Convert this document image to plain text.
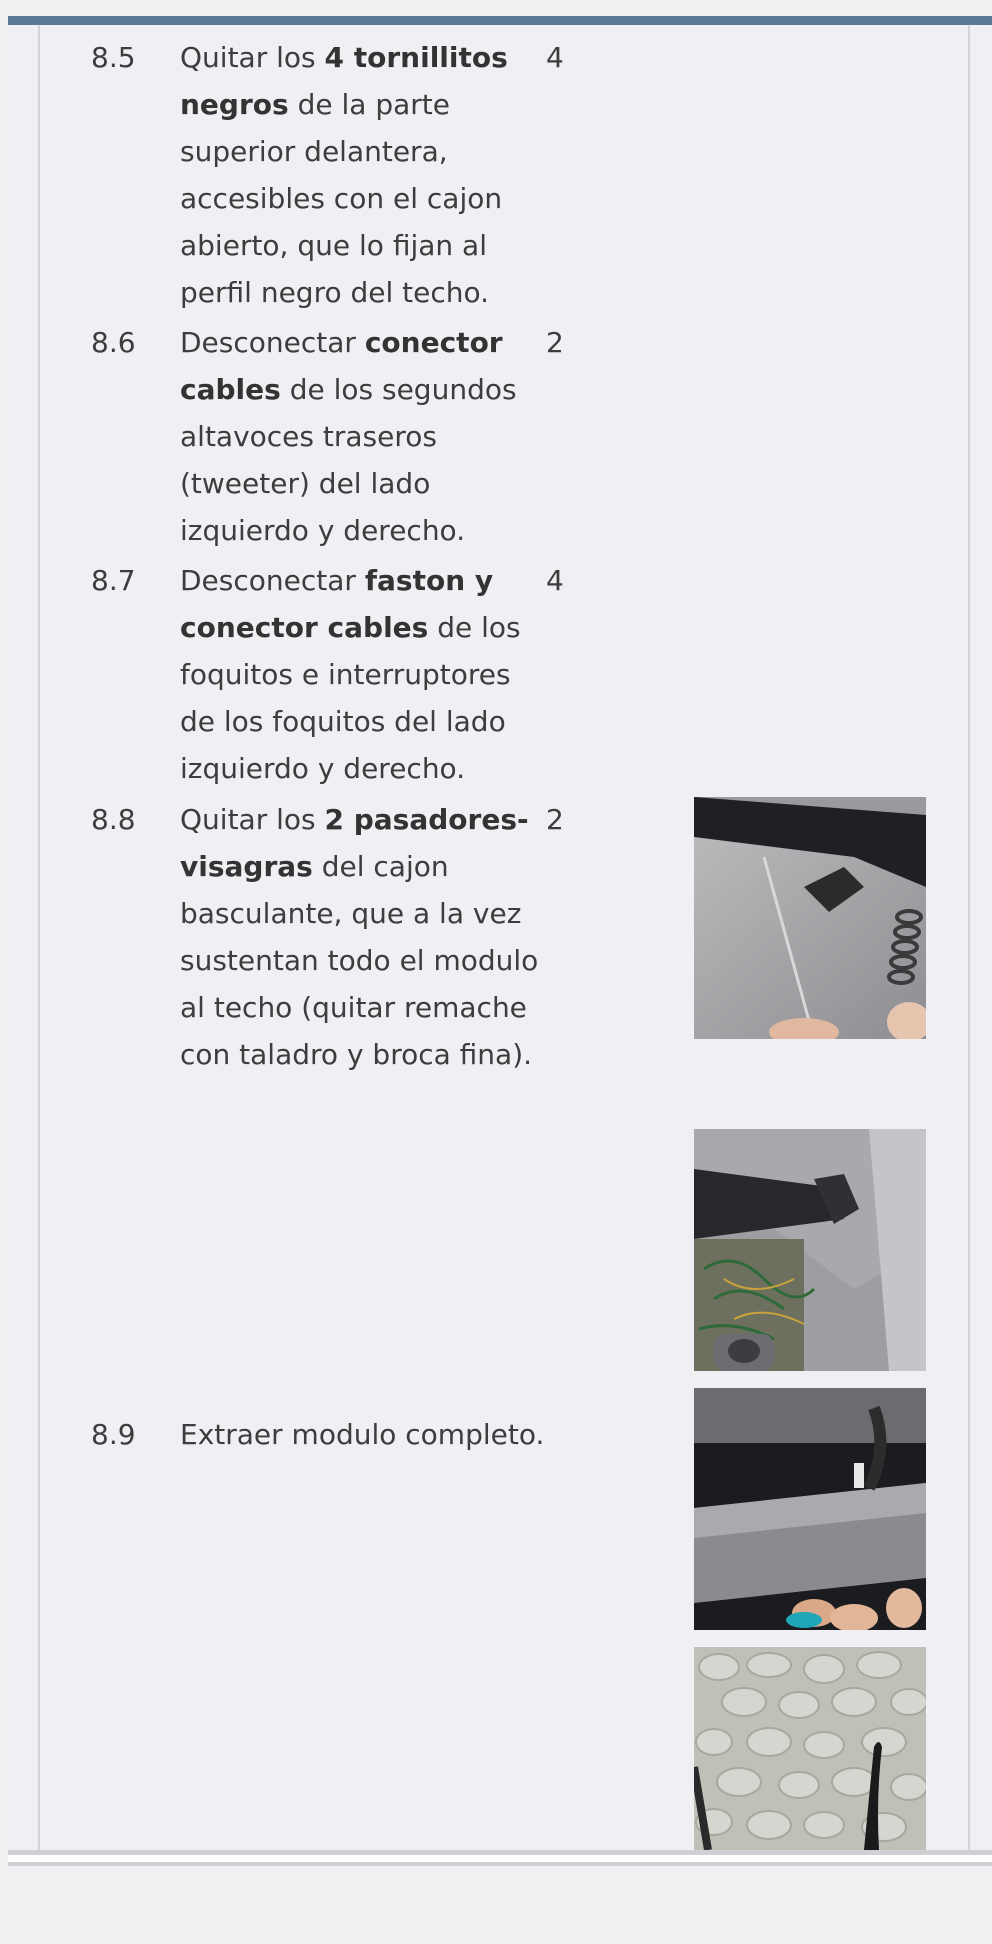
8.5 Quitar los 4 tornillitos negros de la parte superior delantera, accesibles con el cajon abierto, que lo fijan al perfil negro del techo.
4
8.6 Desconectar conector cables de los segundos altavoces traseros (tweeter) del lado izquierdo y derecho.
2
8.7 Desconectar faston y conector cables de los foquitos e interruptores de los foquitos del lado izquierdo y derecho.
4
8.8 Quitar los 2 pasadores-visagras del cajon basculante, que a la vez sustentan todo el modulo al techo (quitar remache con taladro y broca fina).
2
8.9 Extraer modulo completo.
